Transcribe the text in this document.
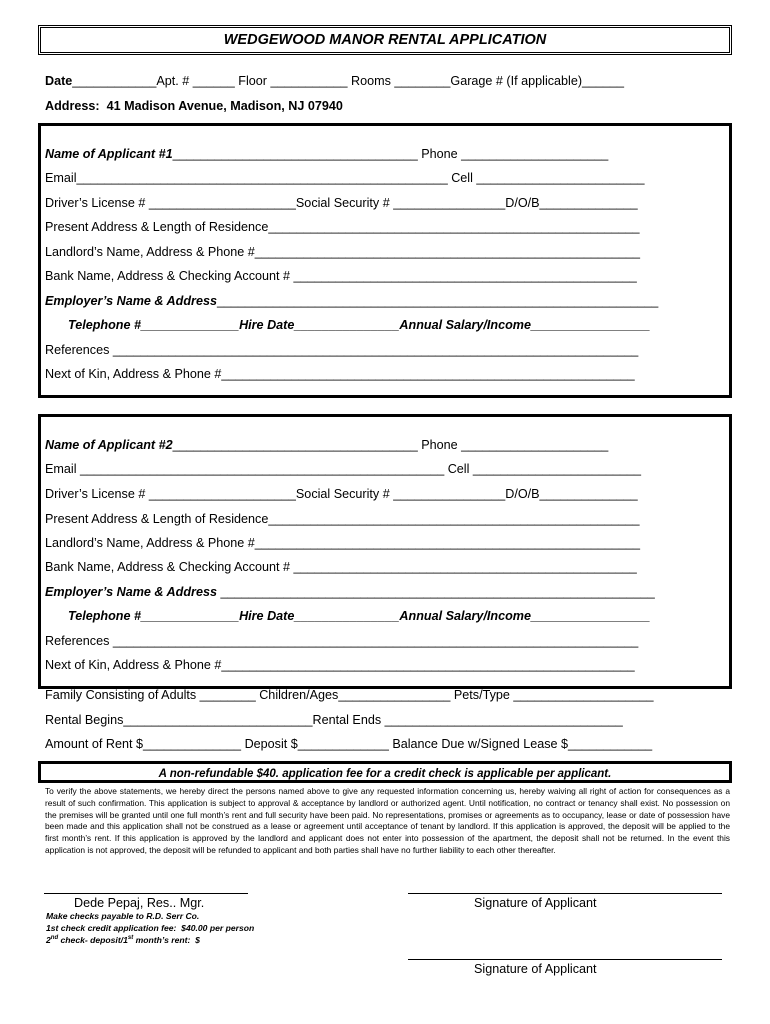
WEDGEWOOD MANOR RENTAL APPLICATION
Date____________Apt. # ______ Floor ___________ Rooms ________Garage # (If applicable)______
Address:  41 Madison Avenue, Madison, NJ 07940
Name of Applicant #1___________________________________ Phone _____________________
Email_____________________________________________________ Cell ________________________
Driver’s License # _____________________Social Security # ________________D/O/B______________
Present Address & Length of Residence_____________________________________________________
Landlord’s Name, Address & Phone #_______________________________________________________
Bank Name, Address & Checking Account # _________________________________________________
Employer’s Name & Address_______________________________________________________________
Telephone #______________Hire Date_______________Annual Salary/Income_________________
References ___________________________________________________________________________
Next of Kin, Address & Phone #___________________________________________________________
Name of Applicant #2___________________________________ Phone _____________________
Email ____________________________________________________ Cell ________________________
Driver’s License # _____________________Social Security # ________________D/O/B______________
Present Address & Length of Residence_____________________________________________________
Landlord’s Name, Address & Phone #_______________________________________________________
Bank Name, Address & Checking Account # _________________________________________________
Employer’s Name & Address ______________________________________________________________
Telephone #______________Hire Date_______________Annual Salary/Income_________________
References ___________________________________________________________________________
Next of Kin, Address & Phone #___________________________________________________________
Family Consisting of Adults ________ Children/Ages________________ Pets/Type ____________________
Rental Begins___________________________Rental Ends __________________________________
Amount of Rent $______________ Deposit $_____________ Balance Due w/Signed Lease $____________
A non-refundable $40. application fee for a credit check is applicable per applicant.
To verify the above statements, we hereby direct the persons named above to give any requested information concerning us, hereby waiving all right of action for consequences as a result of such confirmation. This application is subject to approval & acceptance by landlord or authorized agent. Until notification, no contract or tenancy shall exist. No possession on the premises will be granted until one full month’s rent and full security have been paid. No representations, promises or agreements as to occupancy, lease or date of possession have been made and this application shall not be construed as a lease or agreement until acceptance of tenant by landlord. If this application is approved, the deposit will be applied to the first month’s rent. If this application is approved by the landlord and applicant does not enter into possession of the apartment, the deposit shall not be returned. In the event this application is not approved, the deposit will be refunded to applicant and both parties shall have no further liability to each other thereafter.
Dede Pepaj, Res.. Mgr.	Signature of Applicant
Make checks payable to R.D. Serr Co.
1st check credit application fee:  $40.00 per person
2nd check- deposit/1st month’s rent:  $
Signature of Applicant
